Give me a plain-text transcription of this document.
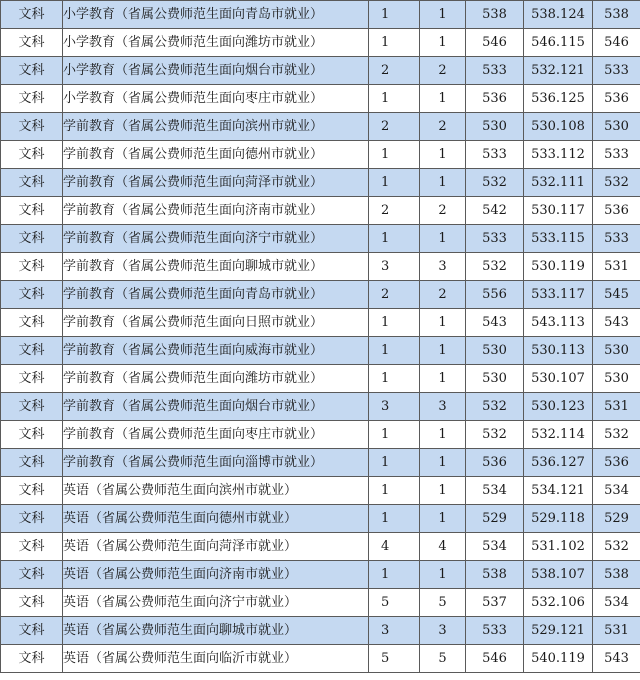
文科	小学教育（省属公费师范生面向青岛市就业）	1	1	538	538.124	538
文科	小学教育（省属公费师范生面向潍坊市就业）	1	1	546	546.115	546
文科	小学教育（省属公费师范生面向烟台市就业）	2	2	533	532.121	533
文科	小学教育（省属公费师范生面向枣庄市就业）	1	1	536	536.125	536
文科	学前教育（省属公费师范生面向滨州市就业）	2	2	530	530.108	530
文科	学前教育（省属公费师范生面向德州市就业）	1	1	533	533.112	533
文科	学前教育（省属公费师范生面向菏泽市就业）	1	1	532	532.111	532
文科	学前教育（省属公费师范生面向济南市就业）	2	2	542	530.117	536
文科	学前教育（省属公费师范生面向济宁市就业）	1	1	533	533.115	533
文科	学前教育（省属公费师范生面向聊城市就业）	3	3	532	530.119	531
文科	学前教育（省属公费师范生面向青岛市就业）	2	2	556	533.117	545
文科	学前教育（省属公费师范生面向日照市就业）	1	1	543	543.113	543
文科	学前教育（省属公费师范生面向威海市就业）	1	1	530	530.113	530
文科	学前教育（省属公费师范生面向潍坊市就业）	1	1	530	530.107	530
文科	学前教育（省属公费师范生面向烟台市就业）	3	3	532	530.123	531
文科	学前教育（省属公费师范生面向枣庄市就业）	1	1	532	532.114	532
文科	学前教育（省属公费师范生面向淄博市就业）	1	1	536	536.127	536
文科	英语（省属公费师范生面向滨州市就业）	1	1	534	534.121	534
文科	英语（省属公费师范生面向德州市就业）	1	1	529	529.118	529
文科	英语（省属公费师范生面向菏泽市就业）	4	4	534	531.102	532
文科	英语（省属公费师范生面向济南市就业）	1	1	538	538.107	538
文科	英语（省属公费师范生面向济宁市就业）	5	5	537	532.106	534
文科	英语（省属公费师范生面向聊城市就业）	3	3	533	529.121	531
文科	英语（省属公费师范生面向临沂市就业）	5	5	546	540.119	543
